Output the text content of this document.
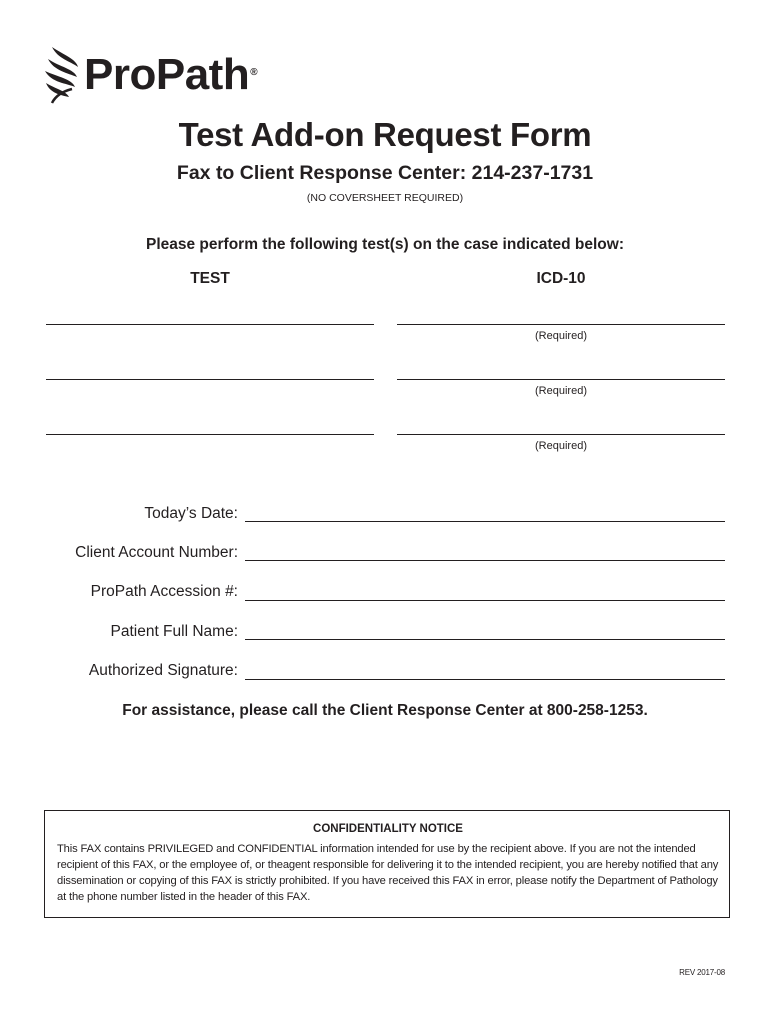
ProPath®
Test Add-on Request Form
Fax to Client Response Center: 214-237-1731
(NO COVERSHEET REQUIRED)
Please perform the following test(s) on the case indicated below:
TEST	ICD-10
(Required)
(Required)
(Required)
Today’s Date:
Client Account Number:
ProPath Accession #:
Patient Full Name:
Authorized Signature:
For assistance, please call the Client Response Center at 800-258-1253.
CONFIDENTIALITY NOTICE
This FAX contains PRIVILEGED and CONFIDENTIAL information intended for use by the recipient above. If you are not the intended recipient of this FAX, or the employee of, or theagent responsible for delivering it to the intended recipient, you are hereby notified that any dissemination or copying of this FAX is strictly prohibited. If you have received this FAX in error, please notify the Department of Pathology at the phone number listed in the header of this FAX.
REV 2017-08
